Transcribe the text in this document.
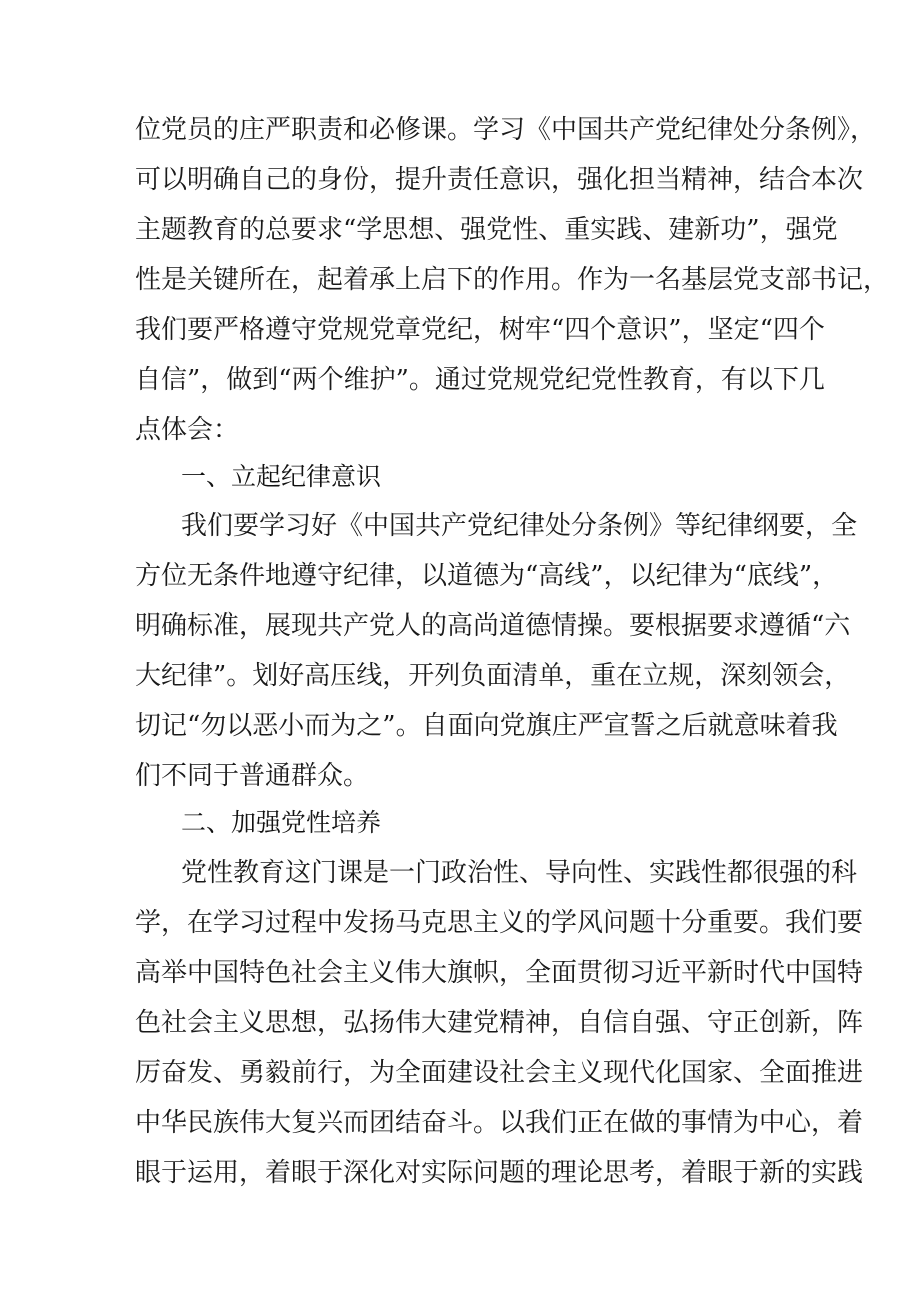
位党员的庄严职责和必修课。学习《中国共产党纪律处分条例》，
可以明确自己的身份，提升责任意识，强化担当精神，结合本次
主题教育的总要求“学思想、强党性、重实践、建新功”，强党
性是关键所在，起着承上启下的作用。作为一名基层党支部书记，
我们要严格遵守党规党章党纪，树牢“四个意识”，坚定“四个
自信”，做到“两个维护”。通过党规党纪党性教育，有以下几
点体会：
一、立起纪律意识
我们要学习好《中国共产党纪律处分条例》等纪律纲要，全
方位无条件地遵守纪律，以道德为“高线”，以纪律为“底线”，
明确标准，展现共产党人的高尚道德情操。要根据要求遵循“六
大纪律”。划好高压线，开列负面清单，重在立规，深刻领会，
切记“勿以恶小而为之”。自面向党旗庄严宣誓之后就意味着我
们不同于普通群众。
二、加强党性培养
党性教育这门课是一门政治性、导向性、实践性都很强的科
学，在学习过程中发扬马克思主义的学风问题十分重要。我们要
高举中国特色社会主义伟大旗帜，全面贯彻习近平新时代中国特
色社会主义思想，弘扬伟大建党精神，自信自强、守正创新，阵
厉奋发、勇毅前行，为全面建设社会主义现代化国家、全面推进
中华民族伟大复兴而团结奋斗。以我们正在做的事情为中心，着
眼于运用，着眼于深化对实际问题的理论思考，着眼于新的实践
